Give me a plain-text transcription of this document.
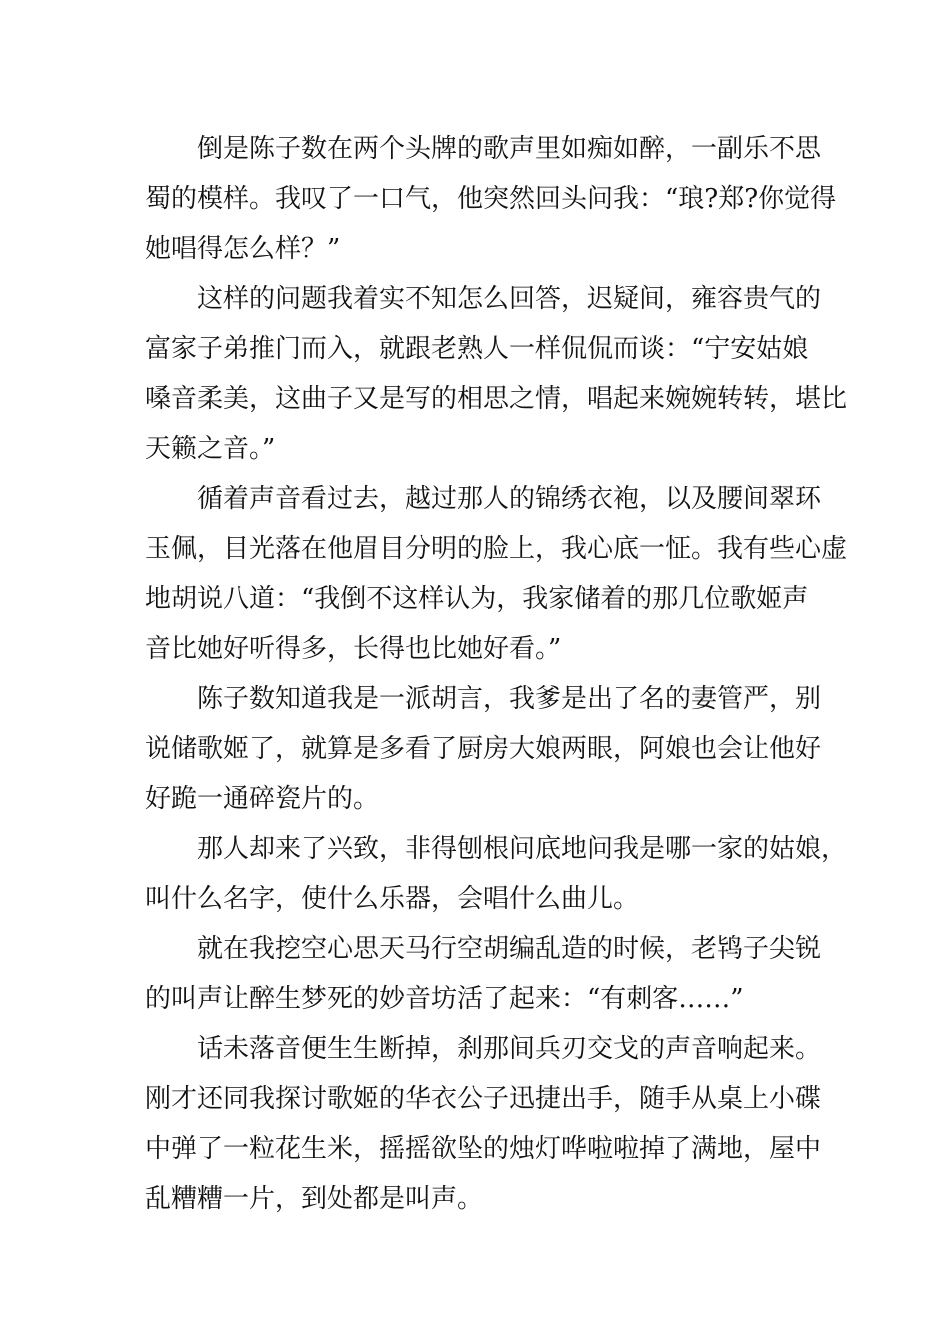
　　倒是陈子数在两个头牌的歌声里如痴如醉，一副乐不思
蜀的模样。我叹了一口气，他突然回头问我：“琅?郑?你觉得
她唱得怎么样？”
　　这样的问题我着实不知怎么回答，迟疑间，雍容贵气的
富家子弟推门而入，就跟老熟人一样侃侃而谈：“宁安姑娘
嗓音柔美，这曲子又是写的相思之情，唱起来婉婉转转，堪比
天籁之音。”
　　循着声音看过去，越过那人的锦绣衣袍，以及腰间翠环
玉佩，目光落在他眉目分明的脸上，我心底一怔。我有些心虚
地胡说八道：“我倒不这样认为，我家储着的那几位歌姬声
音比她好听得多，长得也比她好看。”
　　陈子数知道我是一派胡言，我爹是出了名的妻管严，别
说储歌姬了，就算是多看了厨房大娘两眼，阿娘也会让他好
好跪一通碎瓷片的。
　　那人却来了兴致，非得刨根问底地问我是哪一家的姑娘，
叫什么名字，使什么乐器，会唱什么曲儿。
　　就在我挖空心思天马行空胡编乱造的时候，老鸨子尖锐
的叫声让醉生梦死的妙音坊活了起来：“有刺客……”
　　话未落音便生生断掉，刹那间兵刃交戈的声音响起来。
刚才还同我探讨歌姬的华衣公子迅捷出手，随手从桌上小碟
中弹了一粒花生米，摇摇欲坠的烛灯哗啦啦掉了满地，屋中
乱糟糟一片，到处都是叫声。
